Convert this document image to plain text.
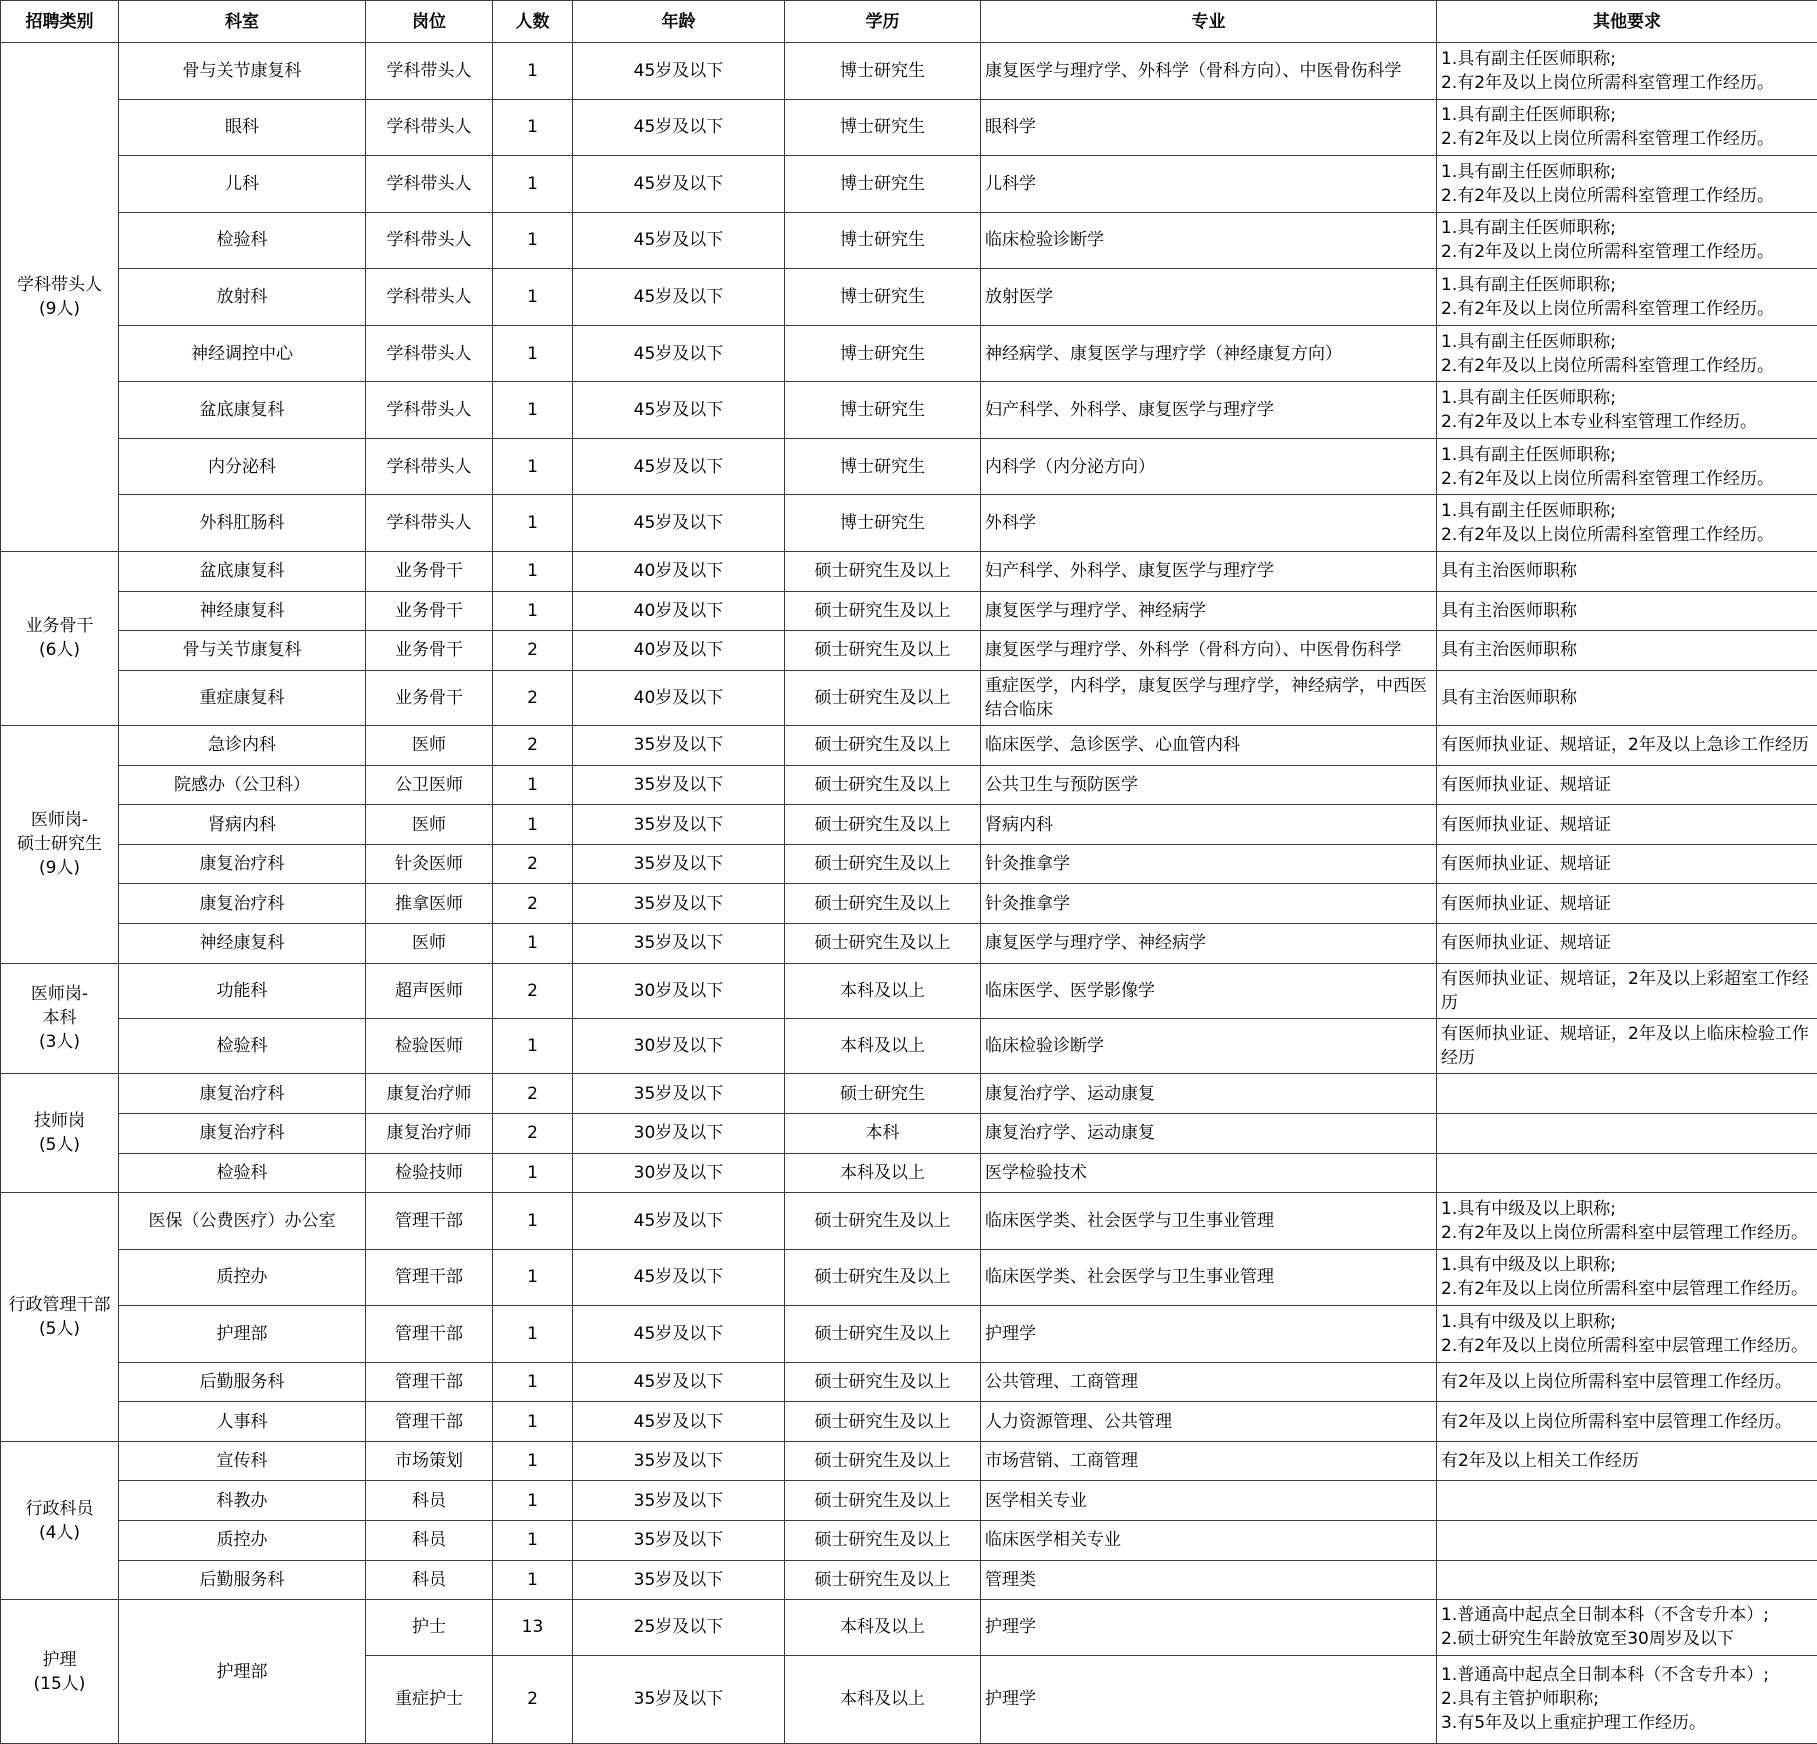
招聘类别	科室	岗位	人数	年龄	学历	专业	其他要求

学科带头人
(9人)	骨与关节康复科	学科带头人	1	45岁及以下	博士研究生	康复医学与理疗学、外科学（骨科方向）、中医骨伤科学	1.具有副主任医师职称;
2.有2年及以上岗位所需科室管理工作经历。

	眼科	学科带头人	1	45岁及以下	博士研究生	眼科学	1.具有副主任医师职称;
2.有2年及以上岗位所需科室管理工作经历。

	儿科	学科带头人	1	45岁及以下	博士研究生	儿科学	1.具有副主任医师职称;
2.有2年及以上岗位所需科室管理工作经历。

	检验科	学科带头人	1	45岁及以下	博士研究生	临床检验诊断学	1.具有副主任医师职称;
2.有2年及以上岗位所需科室管理工作经历。

	放射科	学科带头人	1	45岁及以下	博士研究生	放射医学	1.具有副主任医师职称;
2.有2年及以上岗位所需科室管理工作经历。

	神经调控中心	学科带头人	1	45岁及以下	博士研究生	神经病学、康复医学与理疗学（神经康复方向）	1.具有副主任医师职称;
2.有2年及以上岗位所需科室管理工作经历。

	盆底康复科	学科带头人	1	45岁及以下	博士研究生	妇产科学、外科学、康复医学与理疗学	1.具有副主任医师职称;
2.有2年及以上本专业科室管理工作经历。

	内分泌科	学科带头人	1	45岁及以下	博士研究生	内科学（内分泌方向）	1.具有副主任医师职称;
2.有2年及以上岗位所需科室管理工作经历。

	外科肛肠科	学科带头人	1	45岁及以下	博士研究生	外科学	1.具有副主任医师职称;
2.有2年及以上岗位所需科室管理工作经历。

业务骨干
(6人)	盆底康复科	业务骨干	1	40岁及以下	硕士研究生及以上	妇产科学、外科学、康复医学与理疗学	具有主治医师职称

	神经康复科	业务骨干	1	40岁及以下	硕士研究生及以上	康复医学与理疗学、神经病学	具有主治医师职称

	骨与关节康复科	业务骨干	2	40岁及以下	硕士研究生及以上	康复医学与理疗学、外科学（骨科方向）、中医骨伤科学	具有主治医师职称

	重症康复科	业务骨干	2	40岁及以下	硕士研究生及以上	重症医学，内科学，康复医学与理疗学，神经病学，中西医结合临床	具有主治医师职称

医师岗-
硕士研究生
(9人)	急诊内科	医师	2	35岁及以下	硕士研究生及以上	临床医学、急诊医学、心血管内科	有医师执业证、规培证，2年及以上急诊工作经历

	院感办（公卫科）	公卫医师	1	35岁及以下	硕士研究生及以上	公共卫生与预防医学	有医师执业证、规培证

	肾病内科	医师	1	35岁及以下	硕士研究生及以上	肾病内科	有医师执业证、规培证

	康复治疗科	针灸医师	2	35岁及以下	硕士研究生及以上	针灸推拿学	有医师执业证、规培证

	康复治疗科	推拿医师	2	35岁及以下	硕士研究生及以上	针灸推拿学	有医师执业证、规培证

	神经康复科	医师	1	35岁及以下	硕士研究生及以上	康复医学与理疗学、神经病学	有医师执业证、规培证

医师岗-
本科
(3人)	功能科	超声医师	2	30岁及以下	本科及以上	临床医学、医学影像学	有医师执业证、规培证，2年及以上彩超室工作经历

	检验科	检验医师	1	30岁及以下	本科及以上	临床检验诊断学	有医师执业证、规培证，2年及以上临床检验工作经历

技师岗
(5人)	康复治疗科	康复治疗师	2	35岁及以下	硕士研究生	康复治疗学、运动康复	
	康复治疗科	康复治疗师	2	30岁及以下	本科	康复治疗学、运动康复	
	检验科	检验技师	1	30岁及以下	本科及以上	医学检验技术	

行政管理干部
(5人)	医保（公费医疗）办公室	管理干部	1	45岁及以下	硕士研究生及以上	临床医学类、社会医学与卫生事业管理	1.具有中级及以上职称;
2.有2年及以上岗位所需科室中层管理工作经历。

	质控办	管理干部	1	45岁及以下	硕士研究生及以上	临床医学类、社会医学与卫生事业管理	1.具有中级及以上职称;
2.有2年及以上岗位所需科室中层管理工作经历。

	护理部	管理干部	1	45岁及以下	硕士研究生及以上	护理学	1.具有中级及以上职称;
2.有2年及以上岗位所需科室中层管理工作经历。

	后勤服务科	管理干部	1	45岁及以下	硕士研究生及以上	公共管理、工商管理	有2年及以上岗位所需科室中层管理工作经历。

	人事科	管理干部	1	45岁及以下	硕士研究生及以上	人力资源管理、公共管理	有2年及以上岗位所需科室中层管理工作经历。

行政科员
(4人)	宣传科	市场策划	1	35岁及以下	硕士研究生及以上	市场营销、工商管理	有2年及以上相关工作经历

	科教办	科员	1	35岁及以下	硕士研究生及以上	医学相关专业	
	质控办	科员	1	35岁及以下	硕士研究生及以上	临床医学相关专业	
	后勤服务科	科员	1	35岁及以下	硕士研究生及以上	管理类	

护理
(15人)	护理部	护士	13	25岁及以下	本科及以上	护理学	1.普通高中起点全日制本科（不含专升本）;
2.硕士研究生年龄放宽至30周岁及以下

		重症护士	2	35岁及以下	本科及以上	护理学	1.普通高中起点全日制本科（不含专升本）;
2.具有主管护师职称;
3.有5年及以上重症护理工作经历。
